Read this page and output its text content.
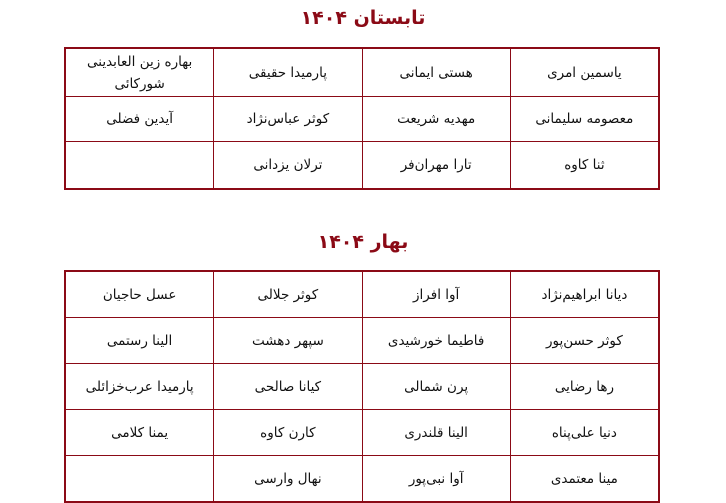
تابستان ۱۴۰۴
یاسمین امری	هستی ایمانی	پارمیدا حقیقی	بهاره زین العابدینی شورکائی
معصومه سلیمانی	مهدیه شریعت	کوثر عباس‌نژاد	آیدین فضلی
ثنا کاوه	تارا مهران‌فر	ترلان یزدانی	
بهار ۱۴۰۴
دیانا ابراهیم‌نژاد	آوا افراز	کوثر جلالی	عسل حاجیان
کوثر حسن‌پور	فاطیما خورشیدی	سپهر دهشت	الینا رستمی
رها رضایی	پرن شمالی	کیانا صالحی	پارمیدا عرب‌خزائلی
دنیا علی‌پناه	الینا قلندری	کارن کاوه	یمنا کلامی
مینا معتمدی	آوا نبی‌پور	نهال وارسی	
